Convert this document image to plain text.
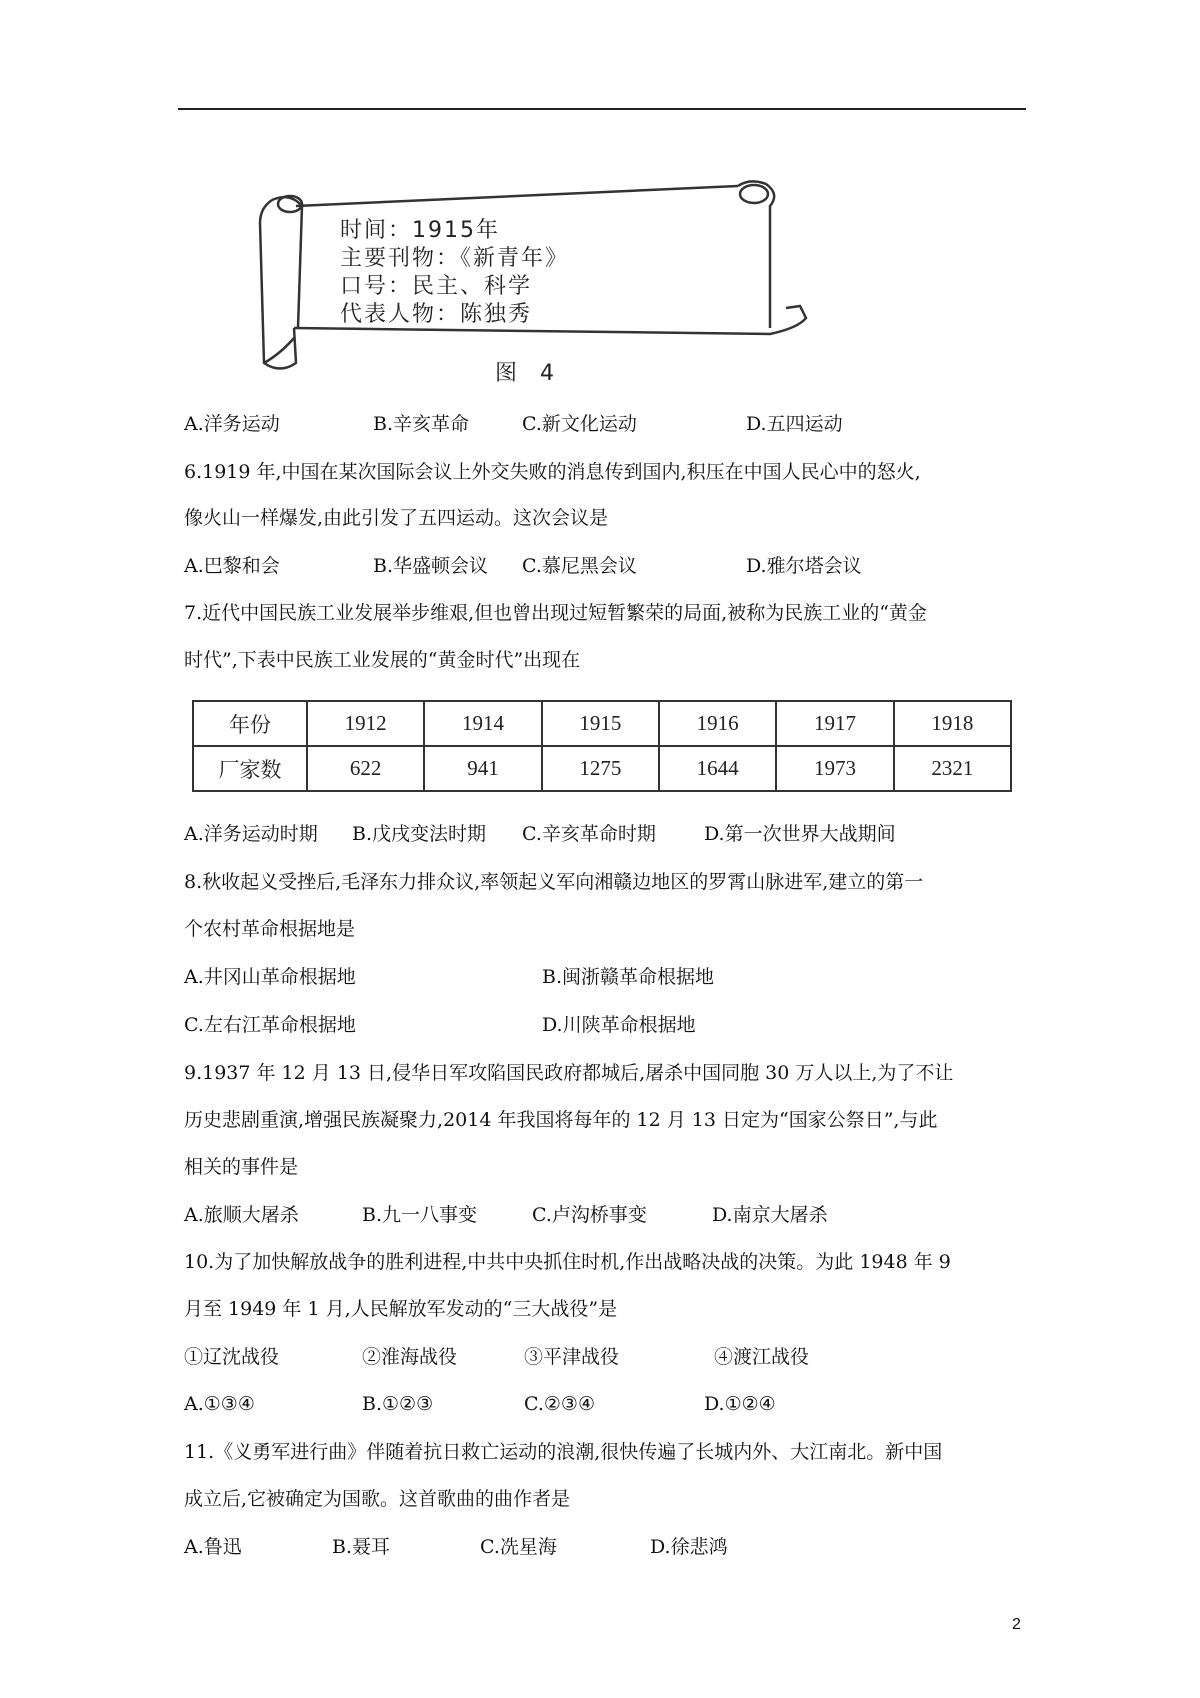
时间：1915年
主要刊物：《新青年》
口号：民主、科学
代表人物：陈独秀
图 4
A.洋务运动	B.辛亥革命	C.新文化运动	D.五四运动
6.1919 年,中国在某次国际会议上外交失败的消息传到国内,积压在中国人民心中的怒火,
像火山一样爆发,由此引发了五四运动。这次会议是
A.巴黎和会	B.华盛顿会议 C.慕尼黑会议	D.雅尔塔会议
7.近代中国民族工业发展举步维艰,但也曾出现过短暂繁荣的局面,被称为民族工业的“黄金
时代”,下表中民族工业发展的“黄金时代”出现在
年份	1912	1914	1915	1916	1917	1918
厂家数	622	941	1275	1644	1973	2321
A.洋务运动时期 B.戊戌变法时期 C.辛亥革命时期	D.第一次世界大战期间
8.秋收起义受挫后,毛泽东力排众议,率领起义军向湘赣边地区的罗霄山脉进军,建立的第一
个农村革命根据地是
A.井冈山革命根据地	B.闽浙赣革命根据地
C.左右江革命根据地	D.川陕革命根据地
9.1937 年 12 月 13 日,侵华日军攻陷国民政府都城后,屠杀中国同胞 30 万人以上,为了不让
历史悲剧重演,增强民族凝聚力,2014 年我国将每年的 12 月 13 日定为“国家公祭日”,与此
相关的事件是
A.旅顺大屠杀	B.九一八事变	C.卢沟桥事变	D.南京大屠杀
10.为了加快解放战争的胜利进程,中共中央抓住时机,作出战略决战的决策。为此 1948 年 9
月至 1949 年 1 月,人民解放军发动的“三大战役”是
①辽沈战役	②淮海战役	③平津战役	④渡江战役
A.①③④	B.①②③	C.②③④	D.①②④
11.《义勇军进行曲》伴随着抗日救亡运动的浪潮,很快传遍了长城内外、大江南北。新中国
成立后,它被确定为国歌。这首歌曲的曲作者是
A.鲁迅	B.聂耳	C.冼星海	D.徐悲鸿
2
